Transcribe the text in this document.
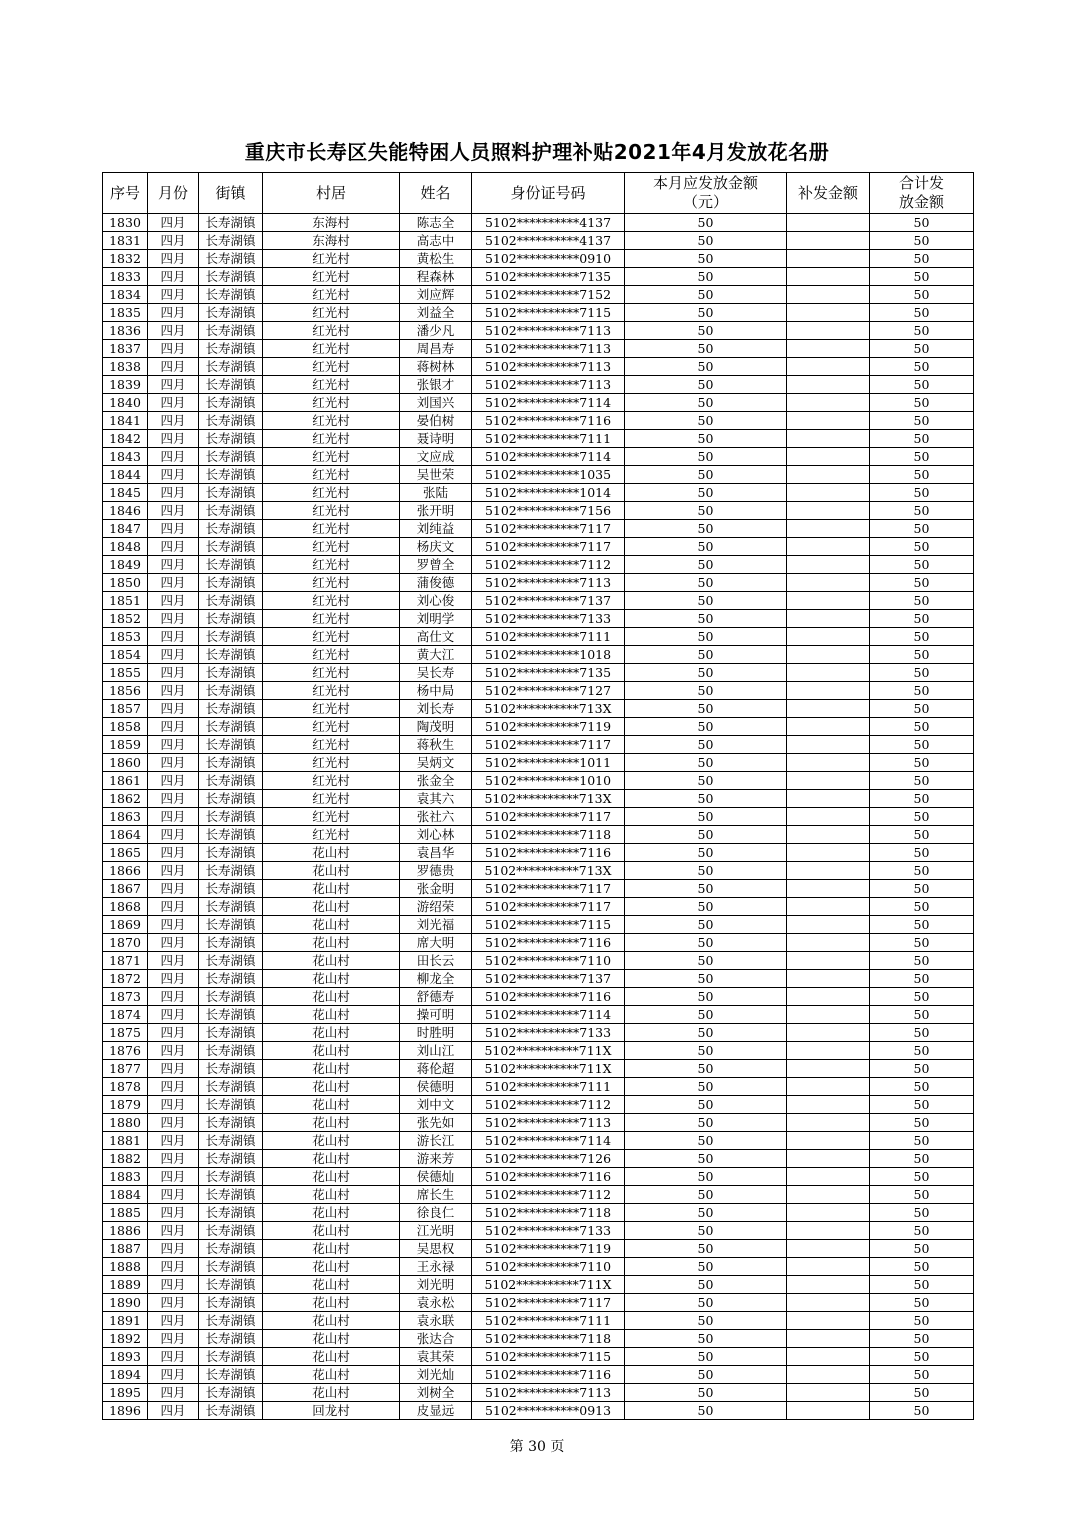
重庆市长寿区失能特困人员照料护理补贴2021年4月发放花名册
序号	月份	街镇	村居	姓名	身份证号码	本月应发放金额（元）	补发金额	合计发放金额
1830	四月	长寿湖镇	东海村	陈志全	5102**********4137	50		50
1831	四月	长寿湖镇	东海村	高志中	5102**********4137	50		50
1832	四月	长寿湖镇	红光村	黄松生	5102**********0910	50		50
1833	四月	长寿湖镇	红光村	程森林	5102**********7135	50		50
1834	四月	长寿湖镇	红光村	刘应辉	5102**********7152	50		50
1835	四月	长寿湖镇	红光村	刘益全	5102**********7115	50		50
1836	四月	长寿湖镇	红光村	潘少凡	5102**********7113	50		50
1837	四月	长寿湖镇	红光村	周昌寿	5102**********7113	50		50
1838	四月	长寿湖镇	红光村	蒋树林	5102**********7113	50		50
1839	四月	长寿湖镇	红光村	张银才	5102**********7113	50		50
1840	四月	长寿湖镇	红光村	刘国兴	5102**********7114	50		50
1841	四月	长寿湖镇	红光村	晏伯树	5102**********7116	50		50
1842	四月	长寿湖镇	红光村	聂诗明	5102**********7111	50		50
1843	四月	长寿湖镇	红光村	文应成	5102**********7114	50		50
1844	四月	长寿湖镇	红光村	吴世荣	5102**********1035	50		50
1845	四月	长寿湖镇	红光村	张陆	5102**********1014	50		50
1846	四月	长寿湖镇	红光村	张开明	5102**********7156	50		50
1847	四月	长寿湖镇	红光村	刘纯益	5102**********7117	50		50
1848	四月	长寿湖镇	红光村	杨庆文	5102**********7117	50		50
1849	四月	长寿湖镇	红光村	罗曾全	5102**********7112	50		50
1850	四月	长寿湖镇	红光村	蒲俊德	5102**********7113	50		50
1851	四月	长寿湖镇	红光村	刘心俊	5102**********7137	50		50
1852	四月	长寿湖镇	红光村	刘明学	5102**********7133	50		50
1853	四月	长寿湖镇	红光村	高仕文	5102**********7111	50		50
1854	四月	长寿湖镇	红光村	黄大江	5102**********1018	50		50
1855	四月	长寿湖镇	红光村	吴长寿	5102**********7135	50		50
1856	四月	长寿湖镇	红光村	杨中局	5102**********7127	50		50
1857	四月	长寿湖镇	红光村	刘长寿	5102**********713X	50		50
1858	四月	长寿湖镇	红光村	陶茂明	5102**********7119	50		50
1859	四月	长寿湖镇	红光村	蒋秋生	5102**********7117	50		50
1860	四月	长寿湖镇	红光村	吴炳文	5102**********1011	50		50
1861	四月	长寿湖镇	红光村	张金全	5102**********1010	50		50
1862	四月	长寿湖镇	红光村	袁其六	5102**********713X	50		50
1863	四月	长寿湖镇	红光村	张社六	5102**********7117	50		50
1864	四月	长寿湖镇	红光村	刘心林	5102**********7118	50		50
1865	四月	长寿湖镇	花山村	袁昌华	5102**********7116	50		50
1866	四月	长寿湖镇	花山村	罗德贵	5102**********713X	50		50
1867	四月	长寿湖镇	花山村	张金明	5102**********7117	50		50
1868	四月	长寿湖镇	花山村	游绍荣	5102**********7117	50		50
1869	四月	长寿湖镇	花山村	刘光福	5102**********7115	50		50
1870	四月	长寿湖镇	花山村	席大明	5102**********7116	50		50
1871	四月	长寿湖镇	花山村	田长云	5102**********7110	50		50
1872	四月	长寿湖镇	花山村	柳龙全	5102**********7137	50		50
1873	四月	长寿湖镇	花山村	舒德寿	5102**********7116	50		50
1874	四月	长寿湖镇	花山村	操可明	5102**********7114	50		50
1875	四月	长寿湖镇	花山村	时胜明	5102**********7133	50		50
1876	四月	长寿湖镇	花山村	刘山江	5102**********711X	50		50
1877	四月	长寿湖镇	花山村	蒋伦超	5102**********711X	50		50
1878	四月	长寿湖镇	花山村	侯德明	5102**********7111	50		50
1879	四月	长寿湖镇	花山村	刘中文	5102**********7112	50		50
1880	四月	长寿湖镇	花山村	张先如	5102**********7113	50		50
1881	四月	长寿湖镇	花山村	游长江	5102**********7114	50		50
1882	四月	长寿湖镇	花山村	游来芳	5102**********7126	50		50
1883	四月	长寿湖镇	花山村	侯德灿	5102**********7116	50		50
1884	四月	长寿湖镇	花山村	席长生	5102**********7112	50		50
1885	四月	长寿湖镇	花山村	徐良仁	5102**********7118	50		50
1886	四月	长寿湖镇	花山村	江光明	5102**********7133	50		50
1887	四月	长寿湖镇	花山村	吴思权	5102**********7119	50		50
1888	四月	长寿湖镇	花山村	王永禄	5102**********7110	50		50
1889	四月	长寿湖镇	花山村	刘光明	5102**********711X	50		50
1890	四月	长寿湖镇	花山村	袁永松	5102**********7117	50		50
1891	四月	长寿湖镇	花山村	袁永联	5102**********7111	50		50
1892	四月	长寿湖镇	花山村	张达合	5102**********7118	50		50
1893	四月	长寿湖镇	花山村	袁其荣	5102**********7115	50		50
1894	四月	长寿湖镇	花山村	刘光灿	5102**********7116	50		50
1895	四月	长寿湖镇	花山村	刘树全	5102**********7113	50		50
1896	四月	长寿湖镇	回龙村	皮显远	5102**********0913	50		50
第 30 页
